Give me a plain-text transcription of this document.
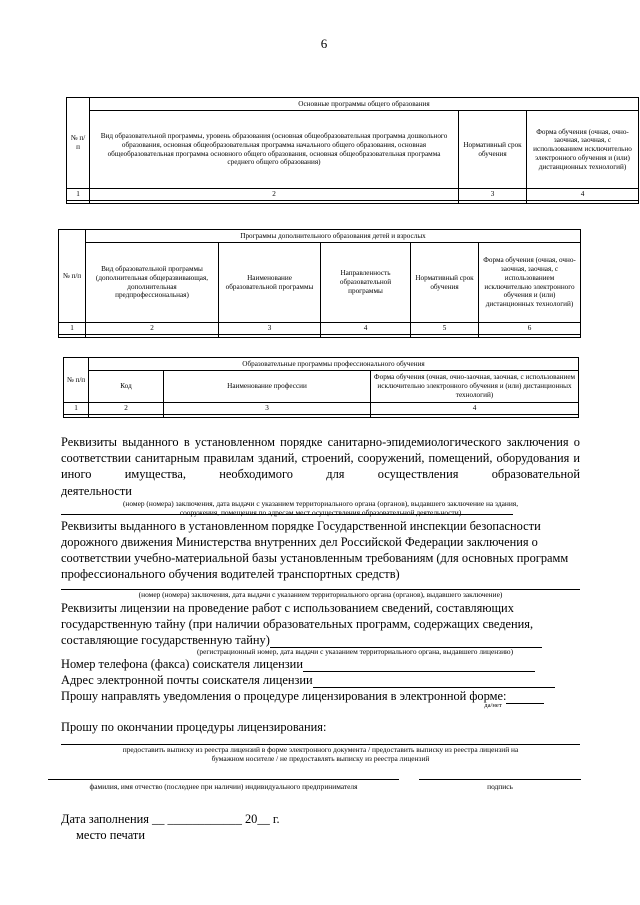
6
№ п/п	Основные программы общего образования		
	Вид образовательной программы, уровень образования (основная общеобразовательная программа дошкольного образования, основная общеобразовательная программа начального общего образования, основная общеобразовательная программа основного общего образования, основная общеобразовательная программа среднего общего образования)	Нормативный срок обучения	Форма обучения (очная, очно-заочная, заочная, с использованием исключительно электронного обучения и (или) дистанционных технологий)
1	2	3	4

№ п/п	Программы дополнительного образования детей и взрослых				
	Вид образовательной программы (дополнительная общеразвивающая, дополнительная предпрофессиональная)	Наименование образовательной программы	Направленность образовательной программы	Нормативный срок обучения	Форма обучения (очная, очно-заочная, заочная, с использованием исключительно электронного обучения и (или) дистанционных технологий)
1	2	3	4	5	6

№ п/п	Образовательные программы профессионального обучения		
	Код	Наименование профессии	Форма обучения (очная, очно-заочная, заочная, с использованием исключительно электронного обучения и (или) дистанционных технологий)
1	2	3	4

Реквизиты выданного в установленном порядке санитарно-эпидемиологического заключения о
соответствии санитарным правилам зданий, строений, сооружений, помещений, оборудования и
иного имущества, необходимого для осуществления образовательной
деятельности
(номер (номера) заключения, дата выдачи с указанием территориального органа (органов), выдавшего заключение на здания,
сооружения, помещения по адресам мест осуществления образовательной деятельности)
Реквизиты выданного в установленном порядке Государственной инспекции безопасности
дорожного движения Министерства внутренних дел Российской Федерации заключения о
соответствии учебно-материальной базы установленным требованиям (для основных программ
профессионального обучения водителей транспортных средств)
(номер (номера) заключения, дата выдачи с указанием территориального органа (органов), выдавшего заключение)
Реквизиты лицензии на проведение работ с использованием сведений, составляющих
государственную тайну (при наличии образовательных программ, содержащих сведения,
составляющие государственную тайну)
(регистрационный номер, дата выдачи с указанием территориального органа, выдавшего лицензию)
Номер телефона (факса) соискателя лицензии
Адрес электронной почты соискателя лицензии
Прошу направлять уведомления о процедуре лицензирования в электронной форме:
да/нет
Прошу по окончании процедуры лицензирования:
предоставить выписку из реестра лицензий в форме электронного документа / предоставить выписку из реестра лицензий на
бумажном носителе / не предоставлять выписку из реестра лицензий
фамилия, имя отчество (последнее при наличии) индивидуального предпринимателя	подпись
Дата заполнения __ ____________ 20__ г.
место печати
